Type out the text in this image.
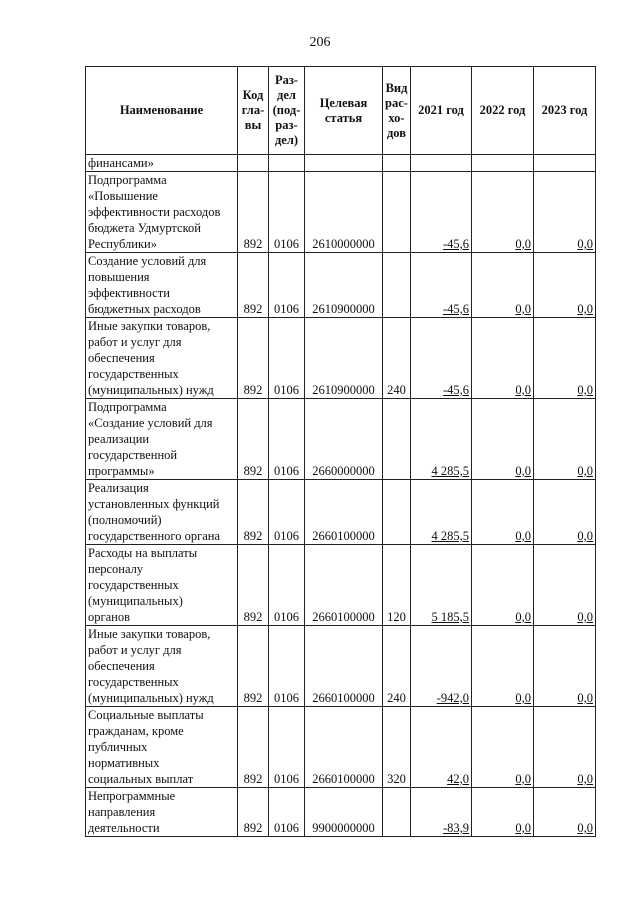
206
Наименование	Код
гла-
вы	Раз-
дел
(под-
раз-
дел)	Целевая
статья	Вид
рас-
хо-
дов	2021 год	2022 год	2023 год
финансами»							
Подпрограмма
«Повышение
эффективности расходов
бюджета Удмуртской
Республики»	892	0106	2610000000		-45,6	0,0	0,0
Создание условий для
повышения
эффективности
бюджетных расходов	892	0106	2610900000		-45,6	0,0	0,0
Иные закупки товаров,
работ и услуг для
обеспечения
государственных
(муниципальных) нужд	892	0106	2610900000	240	-45,6	0,0	0,0
Подпрограмма
«Создание условий для
реализации
государственной
программы»	892	0106	2660000000		4 285,5	0,0	0,0
Реализация
установленных функций
(полномочий)
государственного органа	892	0106	2660100000		4 285,5	0,0	0,0
Расходы на выплаты
персоналу
государственных
(муниципальных)
органов	892	0106	2660100000	120	5 185,5	0,0	0,0
Иные закупки товаров,
работ и услуг для
обеспечения
государственных
(муниципальных) нужд	892	0106	2660100000	240	-942,0	0,0	0,0
Социальные выплаты
гражданам, кроме
публичных
нормативных
социальных выплат	892	0106	2660100000	320	42,0	0,0	0,0
Непрограммные
направления
деятельности	892	0106	9900000000		-83,9	0,0	0,0
